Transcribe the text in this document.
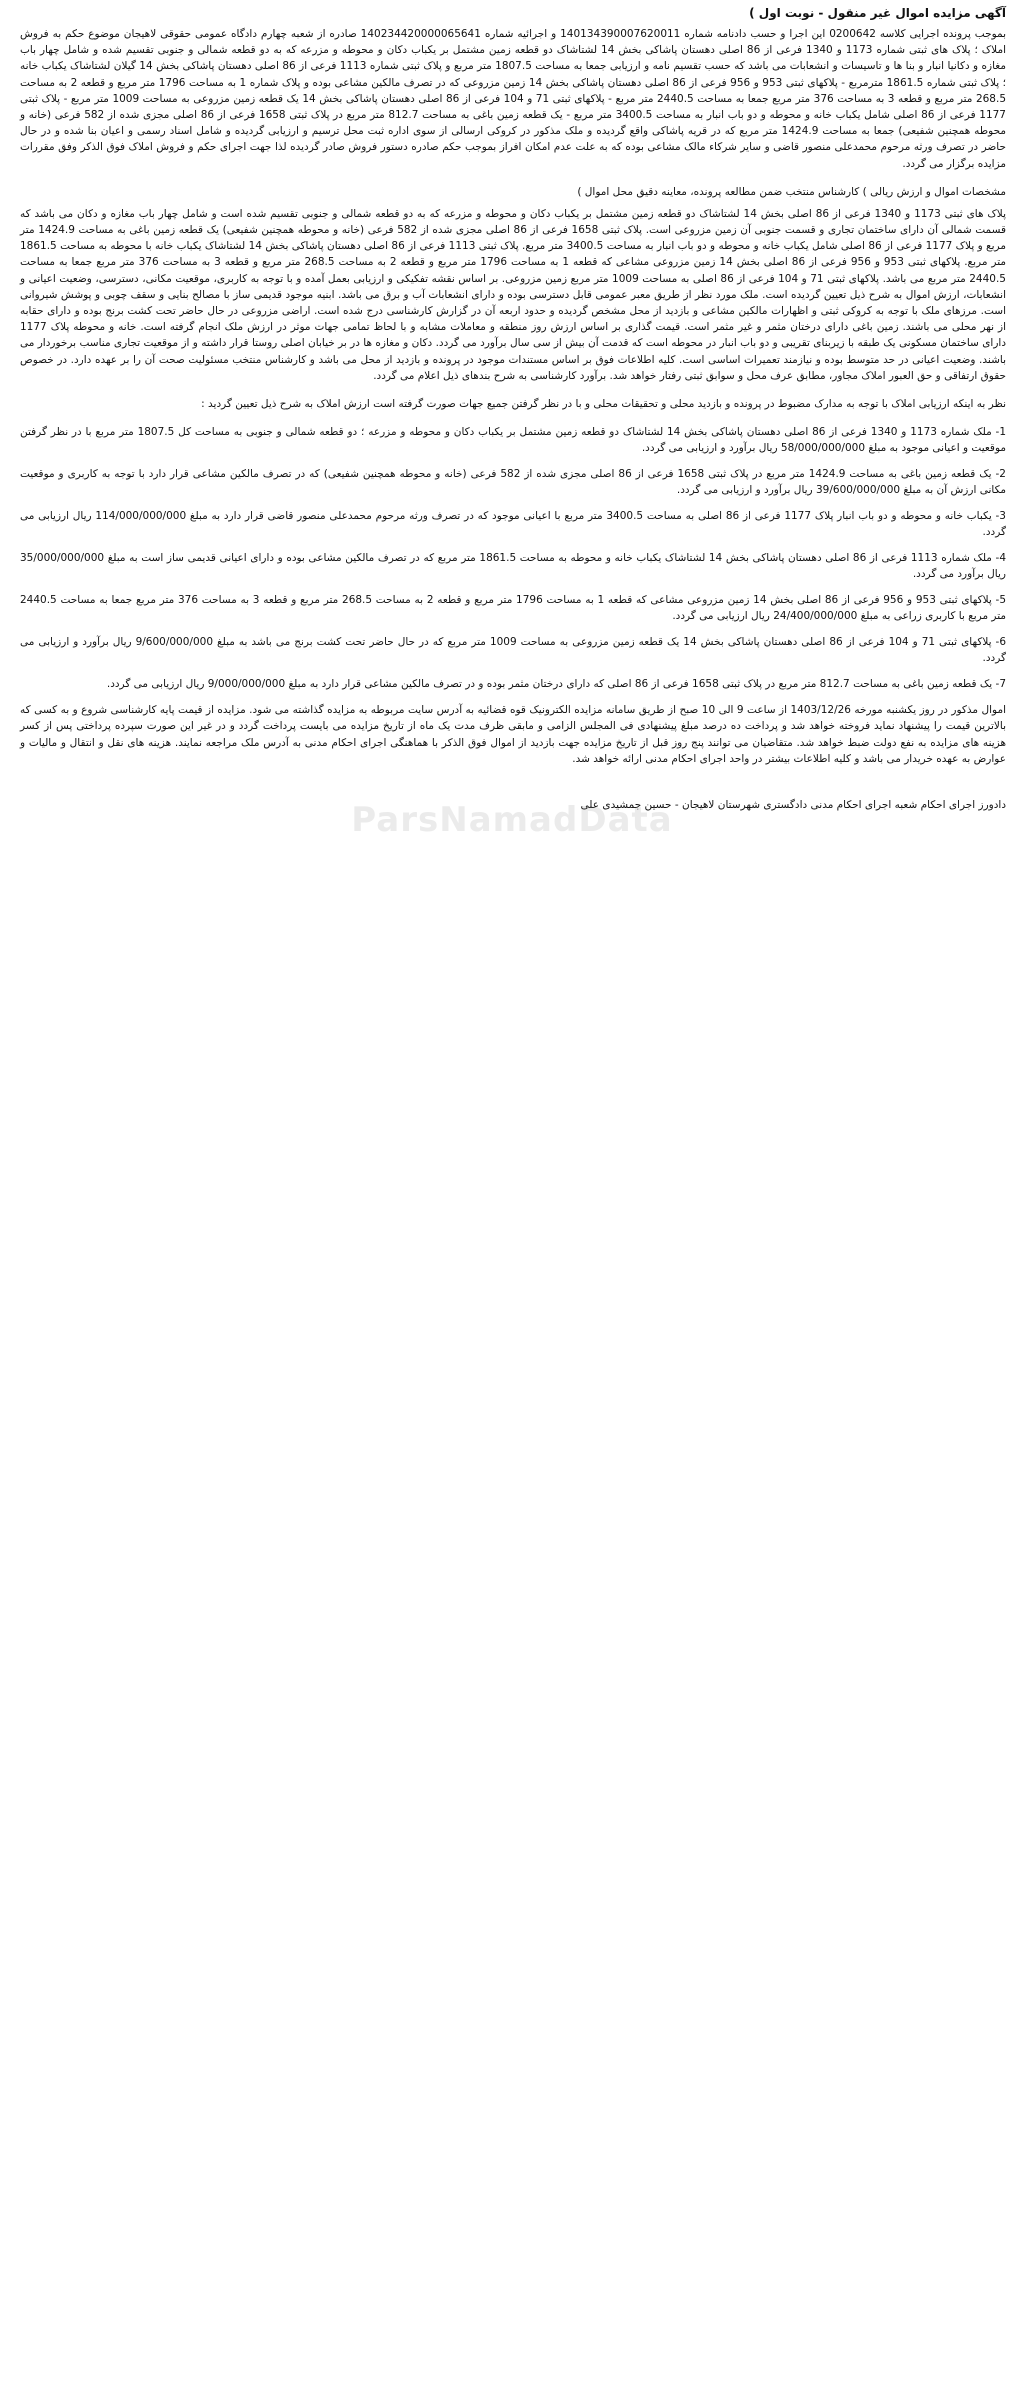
آگهی مزایده اموال غیر منقول - نوبت اول )

بموجب پرونده اجرایی کلاسه 0200642 این اجرا و حسب دادنامه شماره 140134390007620011 و اجرائیه شماره 140234420000065641 صادره از شعبه چهارم دادگاه عمومی حقوقی لاهیجان موضوع حکم به فروش املاک ؛ پلاک های ثبتی شماره 1173 و 1340 فرعی از 86 اصلی دهستان پاشاکی بخش 14 لشتاشاک دو قطعه زمین مشتمل بر یکباب دکان و محوطه و مزرعه که به دو قطعه شمالی و جنوبی تقسیم شده و شامل چهار باب مغازه و دکانیا انبار و بنا ها و تاسیسات و انشعابات می باشد که حسب تقسیم نامه و ارزیابی جمعا به مساحت 1807.5 متر مربع و پلاک ثبتی شماره 1113 فرعی از 86 اصلی دهستان پاشاکی بخش 14 گیلان لشتاشاک یکباب خانه ؛ پلاک ثبتی شماره 1861.5 مترمربع - پلاکهای ثبتی 953 و 956 فرعی از 86 اصلی دهستان پاشاکی بخش 14 زمین مزروعی که در تصرف مالکین مشاعی بوده و پلاک شماره 1 به مساحت 1796 متر مربع و قطعه 2 به مساحت 268.5 متر مربع و قطعه 3 به مساحت 376 متر مربع جمعا به مساحت 2440.5 متر مربع - پلاکهای ثبتی 71 و 104 فرعی از 86 اصلی دهستان پاشاکی بخش 14 یک قطعه زمین مزروعی به مساحت 1009 متر مربع - پلاک ثبتی 1177 فرعی از 86 اصلی شامل یکباب خانه و محوطه و دو باب انبار به مساحت 3400.5 متر مربع - یک قطعه زمین باغی به مساحت 812.7 متر مربع در پلاک ثبتی 1658 فرعی از 86 اصلی مجزی شده از 582 فرعی (خانه و محوطه همچنین شفیعی) جمعا به مساحت 1424.9 متر مربع که در قریه پاشاکی واقع گردیده و ملک مذکور در کروکی ارسالی از سوی اداره ثبت محل ترسیم و ارزیابی گردیده و شامل اسناد رسمی و اعیان بنا شده و در حال حاضر در تصرف ورثه مرحوم محمدعلی منصور قاضی و سایر شرکاء مالک مشاعی بوده که به علت عدم امکان افراز بموجب حکم صادره دستور فروش صادر گردیده لذا جهت اجرای حکم و فروش املاک فوق الذکر وفق مقررات مزایده برگزار می گردد.

مشخصات اموال و ارزش ریالی ) کارشناس منتخب ضمن مطالعه پرونده، معاینه دقیق محل اموال )

پلاک های ثبتی 1173 و 1340 فرعی از 86 اصلی بخش 14 لشتاشاک دو قطعه زمین مشتمل بر یکباب دکان و محوطه و مزرعه که به دو قطعه شمالی و جنوبی تقسیم شده است و شامل چهار باب مغازه و دکان می باشد که قسمت شمالی آن دارای ساختمان تجاری و قسمت جنوبی آن زمین مزروعی است. پلاک ثبتی 1658 فرعی از 86 اصلی مجزی شده از 582 فرعی (خانه و محوطه همچنین شفیعی) یک قطعه زمین باغی به مساحت 1424.9 متر مربع و پلاک 1177 فرعی از 86 اصلی شامل یکباب خانه و محوطه و دو باب انبار به مساحت 3400.5 متر مربع. پلاک ثبتی 1113 فرعی از 86 اصلی دهستان پاشاکی بخش 14 لشتاشاک یکباب خانه با محوطه به مساحت 1861.5 متر مربع. پلاکهای ثبتی 953 و 956 فرعی از 86 اصلی بخش 14 زمین مزروعی مشاعی که قطعه 1 به مساحت 1796 متر مربع و قطعه 2 به مساحت 268.5 متر مربع و قطعه 3 به مساحت 376 متر مربع جمعا به مساحت 2440.5 متر مربع می باشد. پلاکهای ثبتی 71 و 104 فرعی از 86 اصلی به مساحت 1009 متر مربع زمین مزروعی. بر اساس نقشه تفکیکی و ارزیابی بعمل آمده و با توجه به کاربری، موقعیت مکانی، دسترسی، وضعیت اعیانی و انشعابات، ارزش اموال به شرح ذیل تعیین گردیده است. ملک مورد نظر از طریق معبر عمومی قابل دسترسی بوده و دارای انشعابات آب و برق می باشد. ابنیه موجود قدیمی ساز با مصالح بنایی و سقف چوبی و پوشش شیروانی است. مرزهای ملک با توجه به کروکی ثبتی و اظهارات مالکین مشاعی و بازدید از محل مشخص گردیده و حدود اربعه آن در گزارش کارشناسی درج شده است. اراضی مزروعی در حال حاضر تحت کشت برنج بوده و دارای حقابه از نهر محلی می باشند. زمین باغی دارای درختان مثمر و غیر مثمر است. قیمت گذاری بر اساس ارزش روز منطقه و معاملات مشابه و با لحاظ تمامی جهات موثر در ارزش ملک انجام گرفته است. خانه و محوطه پلاک 1177 دارای ساختمان مسکونی یک طبقه با زیربنای تقریبی و دو باب انبار در محوطه است که قدمت آن بیش از سی سال برآورد می گردد. دکان و مغازه ها در بر خیابان اصلی روستا قرار داشته و از موقعیت تجاری مناسب برخوردار می باشند. وضعیت اعیانی در حد متوسط بوده و نیازمند تعمیرات اساسی است. کلیه اطلاعات فوق بر اساس مستندات موجود در پرونده و بازدید از محل می باشد و کارشناس منتخب مسئولیت صحت آن را بر عهده دارد. در خصوص حقوق ارتفاقی و حق العبور املاک مجاور، مطابق عرف محل و سوابق ثبتی رفتار خواهد شد. برآورد کارشناسی به شرح بندهای ذیل اعلام می گردد.

نظر به اینکه ارزیابی املاک با توجه به مدارک مضبوط در پرونده و بازدید محلی و تحقیقات محلی و با در نظر گرفتن جمیع جهات صورت گرفته است ارزش املاک به شرح ذیل تعیین گردید :

1- ملک شماره 1173 و 1340 فرعی از 86 اصلی دهستان پاشاکی بخش 14 لشتاشاک دو قطعه زمین مشتمل بر یکباب دکان و محوطه و مزرعه ؛ دو قطعه شمالی و جنوبی به مساحت کل 1807.5 متر مربع با در نظر گرفتن موقعیت و اعیانی موجود به مبلغ 58/000/000/000 ریال برآورد و ارزیابی می گردد.

2- یک قطعه زمین باغی به مساحت 1424.9 متر مربع در پلاک ثبتی 1658 فرعی از 86 اصلی مجزی شده از 582 فرعی (خانه و محوطه همچنین شفیعی) که در تصرف مالکین مشاعی قرار دارد با توجه به کاربری و موقعیت مکانی ارزش آن به مبلغ 39/600/000/000 ریال برآورد و ارزیابی می گردد.

3- یکباب خانه و محوطه و دو باب انبار پلاک 1177 فرعی از 86 اصلی به مساحت 3400.5 متر مربع با اعیانی موجود که در تصرف ورثه مرحوم محمدعلی منصور قاضی قرار دارد به مبلغ 114/000/000/000 ریال ارزیابی می گردد.

4- ملک شماره 1113 فرعی از 86 اصلی دهستان پاشاکی بخش 14 لشتاشاک یکباب خانه و محوطه به مساحت 1861.5 متر مربع که در تصرف مالکین مشاعی بوده و دارای اعیانی قدیمی ساز است به مبلغ 35/000/000/000 ریال برآورد می گردد.

5- پلاکهای ثبتی 953 و 956 فرعی از 86 اصلی بخش 14 زمین مزروعی مشاعی که قطعه 1 به مساحت 1796 متر مربع و قطعه 2 به مساحت 268.5 متر مربع و قطعه 3 به مساحت 376 متر مربع جمعا به مساحت 2440.5 متر مربع با کاربری زراعی به مبلغ 24/400/000/000 ریال ارزیابی می گردد.

6- پلاکهای ثبتی 71 و 104 فرعی از 86 اصلی دهستان پاشاکی بخش 14 یک قطعه زمین مزروعی به مساحت 1009 متر مربع که در حال حاضر تحت کشت برنج می باشد به مبلغ 9/600/000/000 ریال برآورد و ارزیابی می گردد.

7- یک قطعه زمین باغی به مساحت 812.7 متر مربع در پلاک ثبتی 1658 فرعی از 86 اصلی که دارای درختان مثمر بوده و در تصرف مالکین مشاعی قرار دارد به مبلغ 9/000/000/000 ریال ارزیابی می گردد.

اموال مذکور در روز یکشنبه مورخه 1403/12/26 از ساعت 9 الی 10 صبح از طریق سامانه مزایده الکترونیک قوه قضائیه به آدرس سایت مربوطه به مزایده گذاشته می شود. مزایده از قیمت پایه کارشناسی شروع و به کسی که بالاترین قیمت را پیشنهاد نماید فروخته خواهد شد و پرداخت ده درصد مبلغ پیشنهادی فی المجلس الزامی و مابقی ظرف مدت یک ماه از تاریخ مزایده می بایست پرداخت گردد و در غیر این صورت سپرده پرداختی پس از کسر هزینه های مزایده به نفع دولت ضبط خواهد شد. متقاضیان می توانند پنج روز قبل از تاریخ مزایده جهت بازدید از اموال فوق الذکر با هماهنگی اجرای احکام مدنی به آدرس ملک مراجعه نمایند. هزینه های نقل و انتقال و مالیات و عوارض به عهده خریدار می باشد و کلیه اطلاعات بیشتر در واحد اجرای احکام مدنی ارائه خواهد شد.

دادورز اجرای احکام شعبه اجرای احکام مدنی دادگستری شهرستان لاهیجان - حسین جمشیدی علی
ParsNamadData
